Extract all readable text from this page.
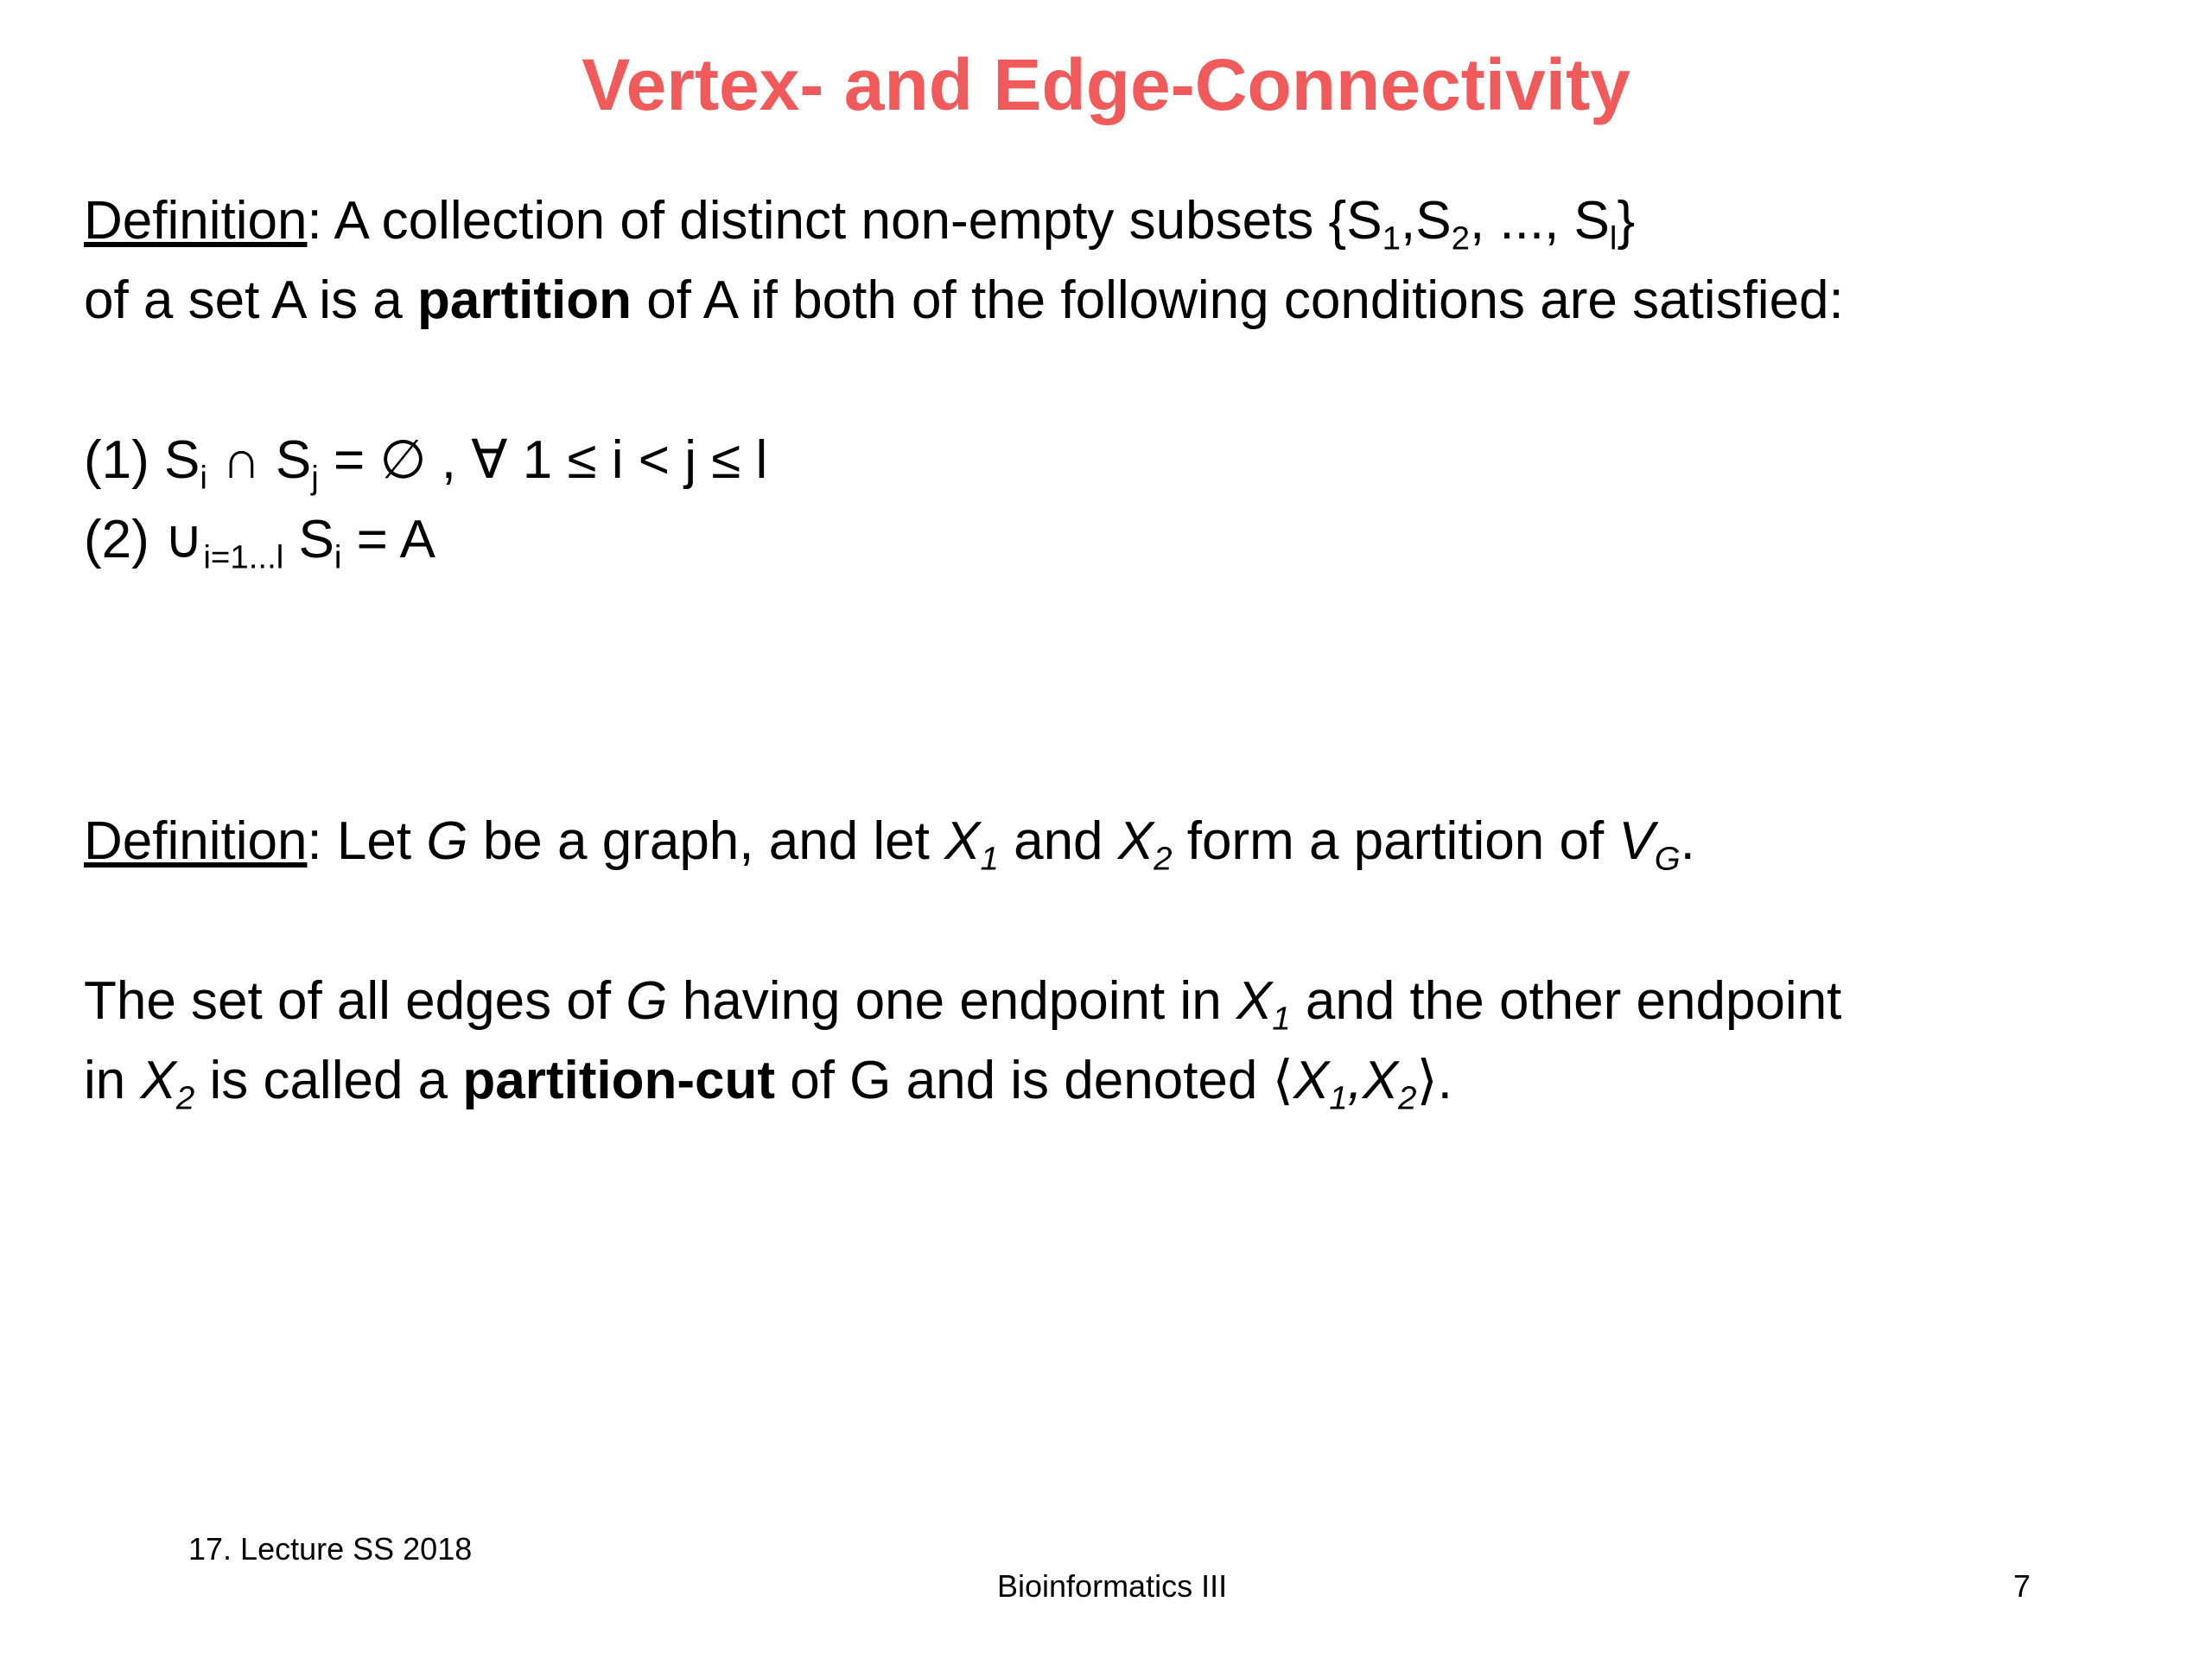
Vertex- and Edge-Connectivity
Definition: A collection of distinct non-empty subsets {$S_1,S_2$, ..., $S_l$}
of a set A is a partition of A if both of the following conditions are satisfied:
(1) $S_i$ ∩ $S_j$ = ∅ , ∀ 1 ≤ i < j ≤ l
(2) $\cup_{i=1...l}$ $S_i = A$
Definition: Let G be a graph, and let $X_1$ and $X_2$ form a partition of $V_G$.
The set of all edges of G having one endpoint in $X_1$ and the other endpoint
in $X_2$ is called a partition-cut of G and is denoted $⟨X_1,X_2⟩$.
17. Lecture SS 2018
Bioinformatics III	7
